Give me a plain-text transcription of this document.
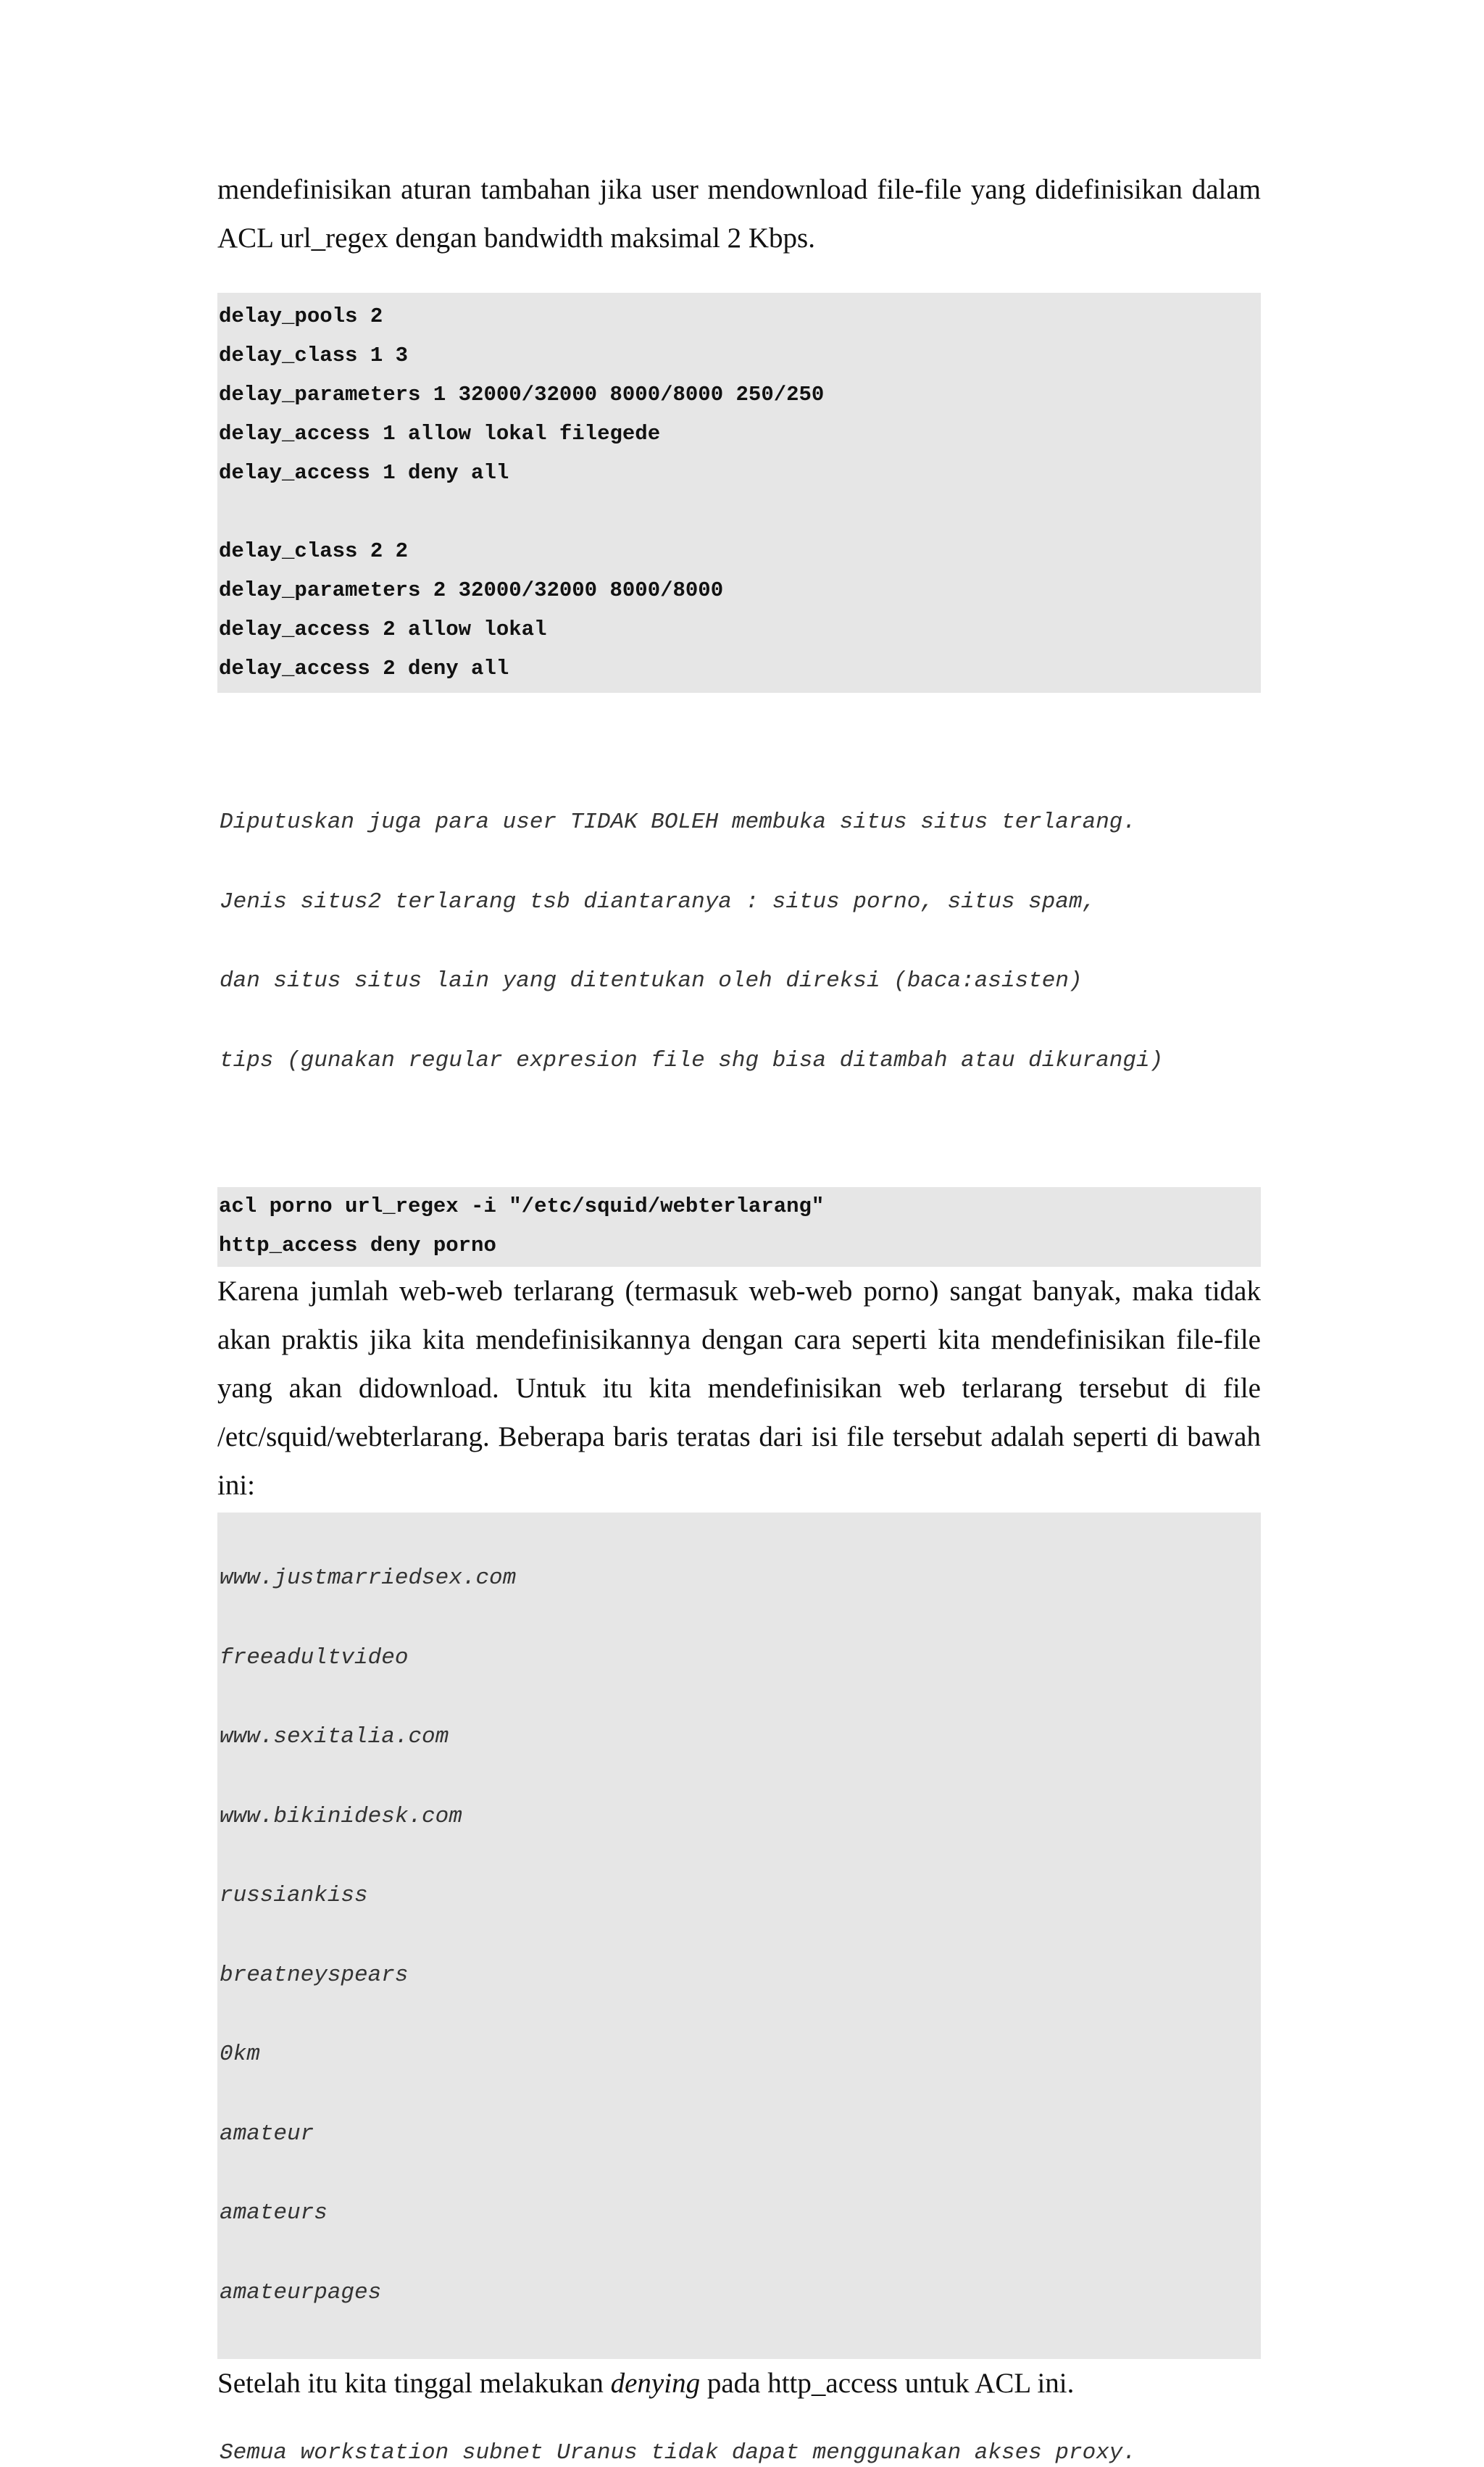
mendefinisikan aturan tambahan jika user mendownload file-file yang didefinisikan dalam ACL url_regex dengan bandwidth maksimal 2 Kbps.

delay_pools 2
delay_class 1 3
delay_parameters 1 32000/32000 8000/8000 250/250
delay_access 1 allow lokal filegede
delay_access 1 deny all
delay_class 2 2
delay_parameters 2 32000/32000 8000/8000
delay_access 2 allow lokal
delay_access 2 deny all

Diputuskan juga para user TIDAK BOLEH membuka situs situs terlarang.

Jenis situs2 terlarang tsb diantaranya : situs porno, situs spam,

dan situs situs lain yang ditentukan oleh direksi (baca:asisten)

tips (gunakan regular expresion file shg bisa ditambah atau dikurangi)

acl porno url_regex -i "/etc/squid/webterlarang"
http_access deny porno

Karena jumlah web-web terlarang (termasuk web-web porno) sangat banyak, maka tidak akan praktis jika kita mendefinisikannya dengan cara seperti kita mendefinisikan file-file yang akan didownload. Untuk itu kita mendefinisikan web terlarang tersebut di file /etc/squid/webterlarang. Beberapa baris teratas dari isi file tersebut adalah seperti di bawah ini:

www.justmarriedsex.com

freeadultvideo

www.sexitalia.com

www.bikinidesk.com

russiankiss

breatneyspears

0km

amateur

amateurs

amateurpages

Setelah itu kita tinggal melakukan denying pada http_access untuk ACL ini.

Semua workstation subnet Uranus tidak dapat menggunakan akses proxy.
